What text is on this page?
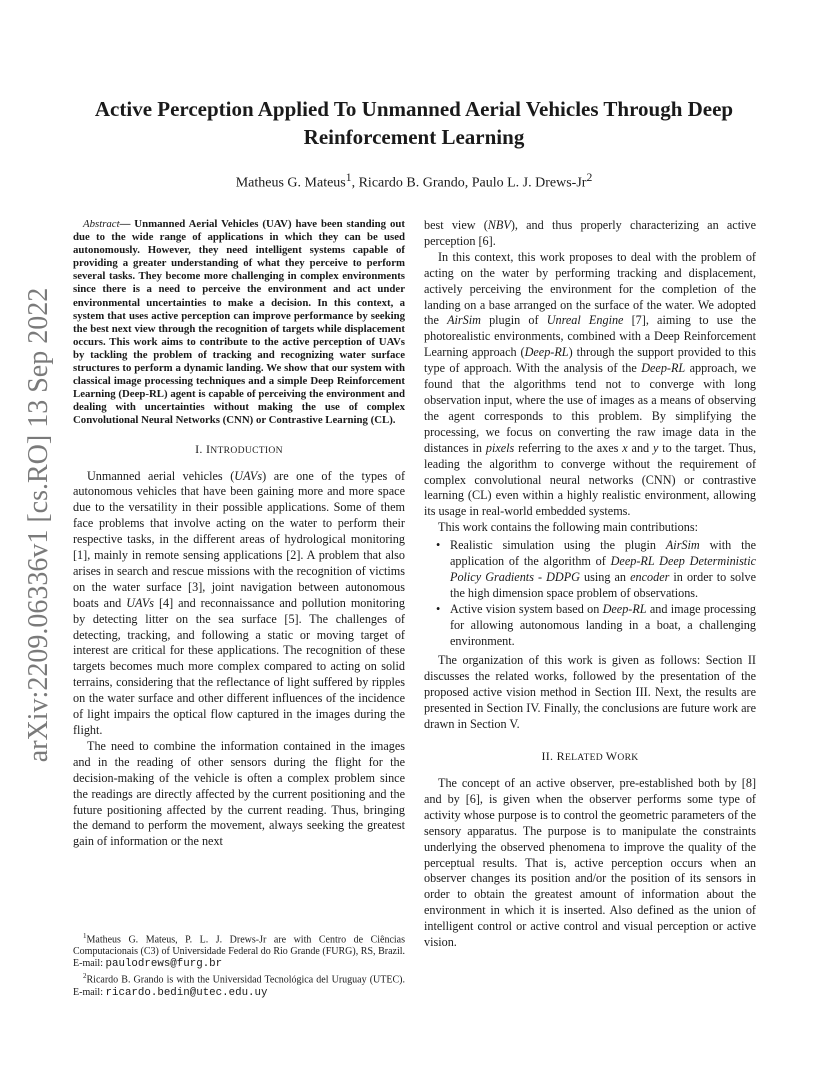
arXiv:2209.06336v1 [cs.RO] 13 Sep 2022
Active Perception Applied To Unmanned Aerial Vehicles Through Deep Reinforcement Learning
Matheus G. Mateus$^1$, Ricardo B. Grando, Paulo L. J. Drews-Jr$^2$

Abstract— Unmanned Aerial Vehicles (UAV) have been standing out due to the wide range of applications in which they can be used autonomously. However, they need intelligent systems capable of providing a greater understanding of what they perceive to perform several tasks. They become more challenging in complex environments since there is a need to perceive the environment and act under environmental uncertainties to make a decision. In this context, a system that uses active perception can improve performance by seeking the best next view through the recognition of targets while displacement occurs. This work aims to contribute to the active perception of UAVs by tackling the problem of tracking and recognizing water surface structures to perform a dynamic landing. We show that our system with classical image processing techniques and a simple Deep Reinforcement Learning (Deep-RL) agent is capable of perceiving the environment and dealing with uncertainties without making the use of complex Convolutional Neural Networks (CNN) or Contrastive Learning (CL).

I. INTRODUCTION

Unmanned aerial vehicles (UAVs) are one of the types of autonomous vehicles that have been gaining more and more space due to the versatility in their possible applications. Some of them face problems that involve acting on the water to perform their respective tasks, in the different areas of hydrological monitoring [1], mainly in remote sensing applications [2]. A problem that also arises in search and rescue missions with the recognition of victims on the water surface [3], joint navigation between autonomous boats and UAVs [4] and reconnaissance and pollution monitoring by detecting litter on the sea surface [5]. The challenges of detecting, tracking, and following a static or moving target of interest are critical for these applications. The recognition of these targets becomes much more complex compared to acting on solid terrains, considering that the reflectance of light suffered by ripples on the water surface and other different influences of the incidence of light impairs the optical flow captured in the images during the flight.

The need to combine the information contained in the images and in the reading of other sensors during the flight for the decision-making of the vehicle is often a complex problem since the readings are directly affected by the current positioning and the future positioning affected by the current reading. Thus, bringing the demand to perform the movement, always seeking the greatest gain of information or the next

$^1$Matheus G. Mateus, P. L. J. Drews-Jr are with Centro de Ciências Computacionais (C3) of Universidade Federal do Rio Grande (FURG), RS, Brazil. E-mail: paulodrews@furg.br

$^2$Ricardo B. Grando is with the Universidad Tecnológica del Uruguay (UTEC). E-mail: ricardo.bedin@utec.edu.uy

best view (NBV), and thus properly characterizing an active perception [6].

In this context, this work proposes to deal with the problem of acting on the water by performing tracking and displacement, actively perceiving the environment for the completion of the landing on a base arranged on the surface of the water. We adopted the AirSim plugin of Unreal Engine [7], aiming to use the photorealistic environments, combined with a Deep Reinforcement Learning approach (Deep-RL) through the support provided to this type of approach. With the analysis of the Deep-RL approach, we found that the algorithms tend not to converge with long observation input, where the use of images as a means of observing the agent corresponds to this problem. By simplifying the processing, we focus on converting the raw image data in the distances in pixels referring to the axes x and y to the target. Thus, leading the algorithm to converge without the requirement of complex convolutional neural networks (CNN) or contrastive learning (CL) even within a highly realistic environment, allowing its usage in real-world embedded systems.

This work contains the following main contributions:

• Realistic simulation using the plugin AirSim with the application of the algorithm of Deep-RL Deep Deterministic Policy Gradients - DDPG using an encoder in order to solve the high dimension space problem of observations.
• Active vision system based on Deep-RL and image processing for allowing autonomous landing in a boat, a challenging environment.

The organization of this work is given as follows: Section II discusses the related works, followed by the presentation of the proposed active vision method in Section III. Next, the results are presented in Section IV. Finally, the conclusions are future work are drawn in Section V.

II. RELATED WORK

The concept of an active observer, pre-established both by [8] and by [6], is given when the observer performs some type of activity whose purpose is to control the geometric parameters of the sensory apparatus. The purpose is to manipulate the constraints underlying the observed phenomena to improve the quality of the perceptual results. That is, active perception occurs when an observer changes its position and/or the position of its sensors in order to obtain the greatest amount of information about the environment in which it is inserted. Also defined as the union of intelligent control or active control and visual perception or active vision.
